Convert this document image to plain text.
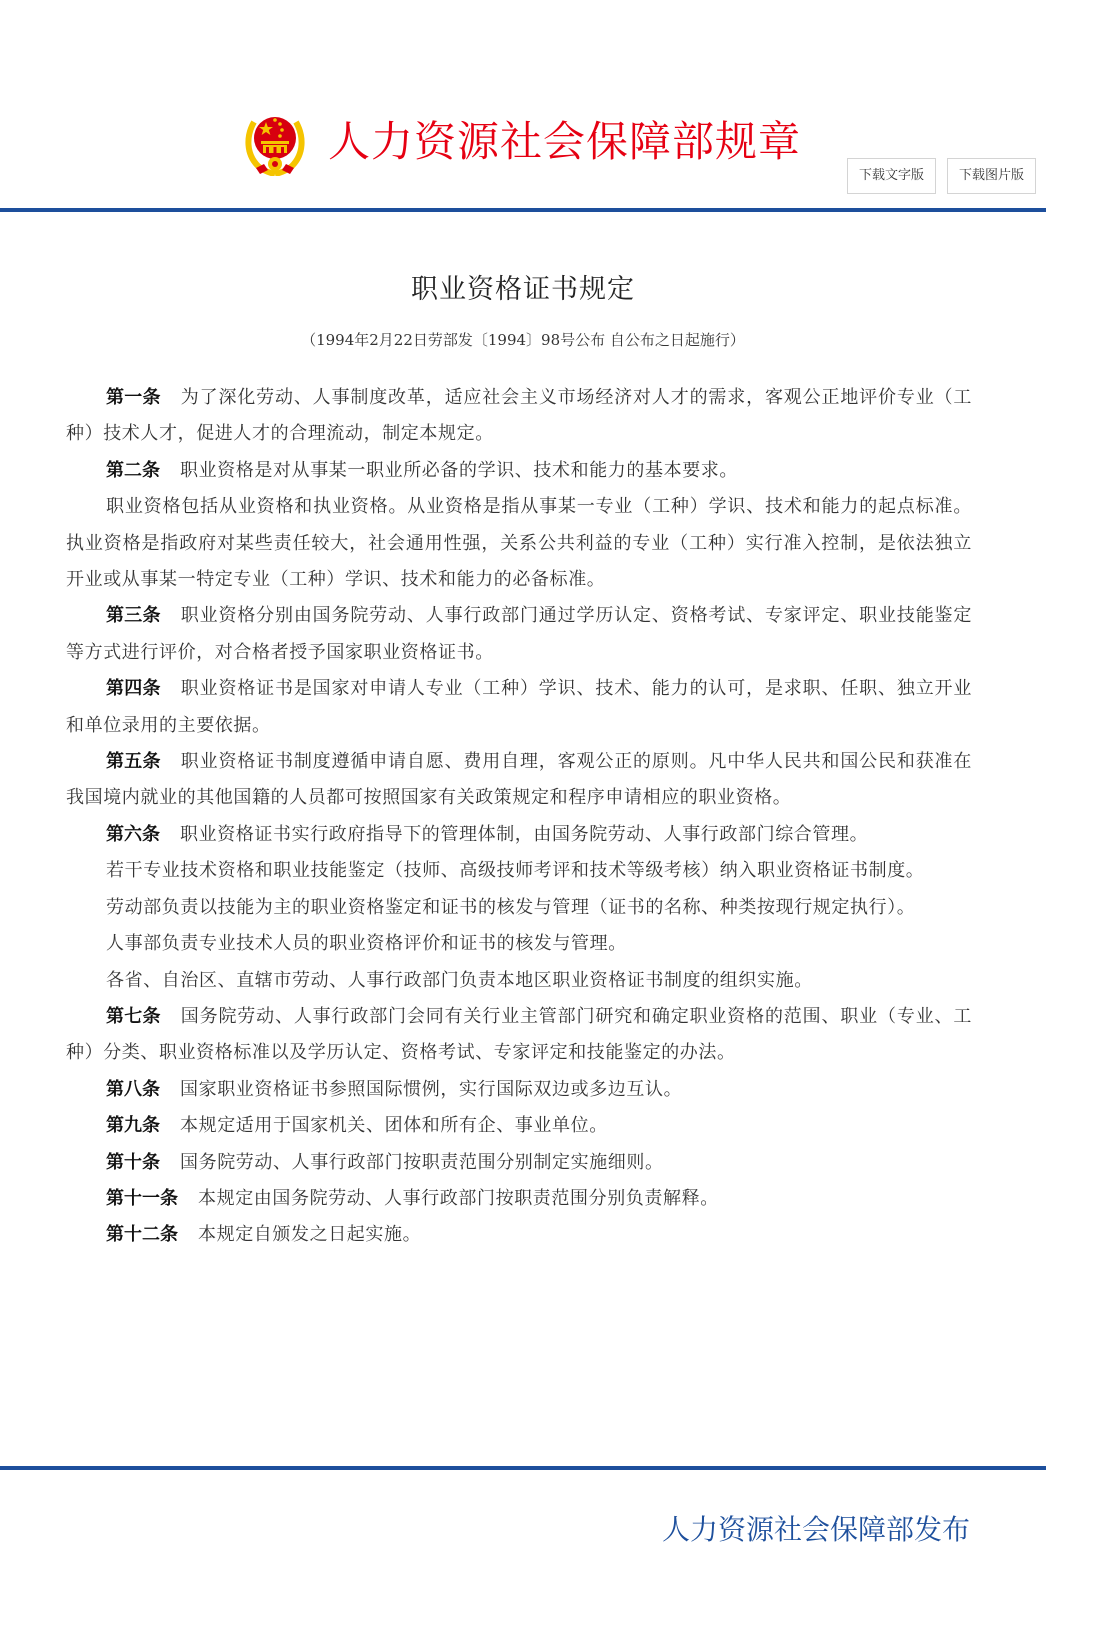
人力资源社会保障部规章
下载文字版	下载图片版
职业资格证书规定
（1994年2月22日劳部发〔1994〕98号公布 自公布之日起施行）

第一条 为了深化劳动、人事制度改革，适应社会主义市场经济对人才的需求，客观公正地评价专业（工种）技术人才，促进人才的合理流动，制定本规定。

第二条 职业资格是对从事某一职业所必备的学识、技术和能力的基本要求。

职业资格包括从业资格和执业资格。从业资格是指从事某一专业（工种）学识、技术和能力的起点标准。执业资格是指政府对某些责任较大，社会通用性强，关系公共利益的专业（工种）实行准入控制，是依法独立开业或从事某一特定专业（工种）学识、技术和能力的必备标准。

第三条 职业资格分别由国务院劳动、人事行政部门通过学历认定、资格考试、专家评定、职业技能鉴定等方式进行评价，对合格者授予国家职业资格证书。

第四条 职业资格证书是国家对申请人专业（工种）学识、技术、能力的认可，是求职、任职、独立开业和单位录用的主要依据。

第五条 职业资格证书制度遵循申请自愿、费用自理，客观公正的原则。凡中华人民共和国公民和获准在我国境内就业的其他国籍的人员都可按照国家有关政策规定和程序申请相应的职业资格。

第六条 职业资格证书实行政府指导下的管理体制，由国务院劳动、人事行政部门综合管理。

若干专业技术资格和职业技能鉴定（技师、高级技师考评和技术等级考核）纳入职业资格证书制度。

劳动部负责以技能为主的职业资格鉴定和证书的核发与管理（证书的名称、种类按现行规定执行）。

人事部负责专业技术人员的职业资格评价和证书的核发与管理。

各省、自治区、直辖市劳动、人事行政部门负责本地区职业资格证书制度的组织实施。

第七条 国务院劳动、人事行政部门会同有关行业主管部门研究和确定职业资格的范围、职业（专业、工种）分类、职业资格标准以及学历认定、资格考试、专家评定和技能鉴定的办法。

第八条 国家职业资格证书参照国际惯例，实行国际双边或多边互认。

第九条 本规定适用于国家机关、团体和所有企、事业单位。

第十条 国务院劳动、人事行政部门按职责范围分别制定实施细则。

第十一条 本规定由国务院劳动、人事行政部门按职责范围分别负责解释。

第十二条 本规定自颁发之日起实施。

人力资源社会保障部发布
